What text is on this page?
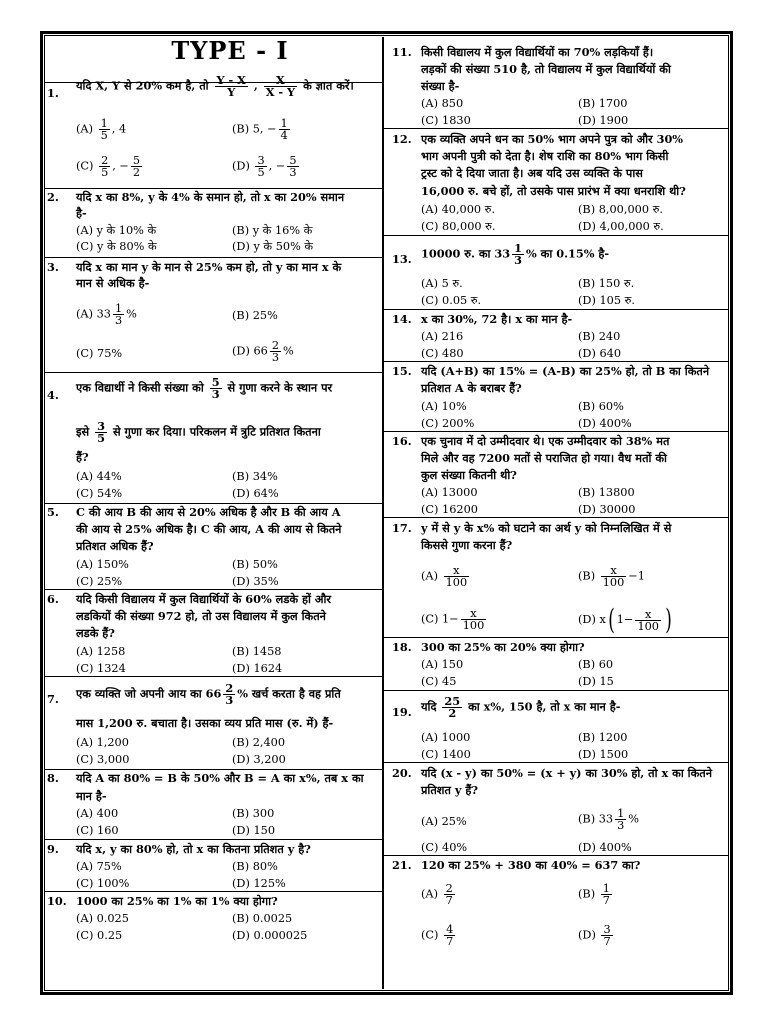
TYPE - I
1.
यदि X, Y से 20% कम है, तो $\frac{Y - X}{Y}$ , $\frac{X}{X - Y}$ के ज्ञात करें।
$(A) \frac{1}{5}$ , 4	(B) 5, − $\frac{1}{4}$
$(C) \frac{2}{5}$ , − $\frac{5}{2}$	$(D) \frac{3}{5}$ , − $\frac{5}{3}$
2. यदि x का 8%, y के 4% के समान हो, तो x का 20% समान
है-
(A) y के 10% के	(B) y के 16% के
(C) y के 80% के	(D) y के 50% के
3. यदि x का मान y के मान से 25% कम हो, तो y का मान x के
मान से अधिक है-
(A) $33 \frac{1}{3}$ %	(B) 25%
(C) 75%	(D) $66 \frac{2}{3}$ %
4.
एक विद्यार्थी ने किसी संख्या को $\frac{5}{3}$ से गुणा करने के स्थान पर
इसे $\frac{3}{5}$ से गुणा कर दिया। परिकलन में त्रुटि प्रतिशत कितना
हैं?
(A) 44%	(B) 34%
(C) 54%	(D) 64%
5. C की आय B की आय से 20% अधिक है और B की आय A
की आय से 25% अधिक है। C की आय, A की आय से कितने
प्रतिशत अधिक हैं?
(A) 150%	(B) 50%
(C) 25%	(D) 35%
6. यदि किसी विद्यालय में कुल विद्यार्थियों के 60% लडके हों और
लडकियों की संख्या 972 हो, तो उस विद्यालय में कुल कितने
लडके हैं?
(A) 1258	(B) 1458
(C) 1324	(D) 1624
7. एक व्यक्ति जो अपनी आय का $66 \frac{2}{3}$ % खर्च करता है वह प्रति
मास 1,200 रु. बचाता है। उसका व्यय प्रति मास (रु. में) हैं-
(A) 1,200	(B) 2,400
(C) 3,000	(D) 3,200
8. यदि A का 80% = B के 50% और B = A का x%, तब x का
मान है-
(A) 400	(B) 300
(C) 160	(D) 150
9. यदि x, y का 80% हो, तो x का कितना प्रतिशत y है?
(A) 75%	(B) 80%
(C) 100%	(D) 125%
10. 1000 का 25% का 1% का 1% क्या होगा?
(A) 0.025	(B) 0.0025
(C) 0.25	(D) 0.000025
11. किसी विद्यालय में कुल विद्यार्थियों का 70% लड़कियाँ हैं।
लड़कों की संख्या 510 है, तो विद्यालय में कुल विद्यार्थियों की
संख्या है-
(A) 850	(B) 1700
(C) 1830	(D) 1900
12. एक व्यक्ति अपने धन का 50% भाग अपने पुत्र को और 30%
भाग अपनी पुत्री को देता है। शेष राशि का 80% भाग किसी
ट्रस्ट को दे दिया जाता है। अब यदि उस व्यक्ति के पास
16,000 रु. बचे हों, तो उसके पास प्रारंभ में क्या धनराशि थी?
(A) 40,000 रु.	(B) 8,00,000 रु.
(C) 80,000 रु.	(D) 4,00,000 रु.
13. 10000 रु. का $33 \frac{1}{3}$ % का 0.15% है-
(A) 5 रु.	(B) 150 रु.
(C) 0.05 रु.	(D) 105 रु.
14. x का 30%, 72 है। x का मान है-
(A) 216	(B) 240
(C) 480	(D) 640
15. यदि (A+B) का 15% = (A-B) का 25% हो, तो B का कितने
प्रतिशत A के बराबर हैं?
(A) 10%	(B) 60%
(C) 200%	(D) 400%
16. एक चुनाव में दो उम्मीदवार थे। एक उम्मीदवार को 38% मत
मिले और वह 7200 मतों से पराजित हो गया। वैध मतों की
कुल संख्या कितनी थी?
(A) 13000	(B) 13800
(C) 16200	(D) 30000
17. y में से y के x% को घटाने का अर्थ y को निम्नलिखित में से
किससे गुणा करना हैं?
$(A) \frac{x}{100}$	$(B) \frac{x}{100} -1$
(C) $1- \frac{x}{100}$	(D) x( $1- \frac{x}{100}$ )
18. 300 का 25% का 20% क्या होगा?
(A) 150	(B) 60
(C) 45	(D) 15
19. यदि $\frac{25}{2}$ का x%, 150 है, तो x का मान है-
(A) 1000	(B) 1200
(C) 1400	(D) 1500
20. यदि (x - y) का 50% = (x + y) का 30% हो, तो x का कितने
प्रतिशत y हैं?
(A) 25%	(B) $33 \frac{1}{3}$ %
(C) 40%	(D) 400%
21. 120 का 25% + 380 का 40% = 637 का?
$(A) \frac{2}{7}$	$(B) \frac{1}{7}$
$(C) \frac{4}{7}$	$(D) \frac{3}{7}$
